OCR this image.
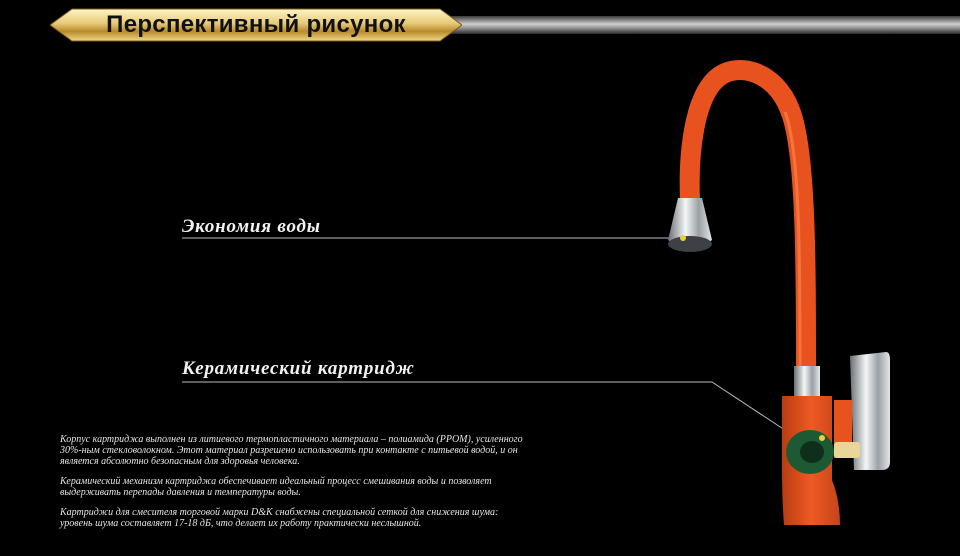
Перспективный рисунок
Экономия воды
Керамический картридж
Корпус картриджа выполнен из литиевого термопластичного материала – полиамида (PPOM), усиленного 30%-ным стекловолокном. Этот материал разрешено использовать при контакте с питьевой водой, и он является абсолютно безопасным для здоровья человека.
Керамический механизм картриджа обеспечивает идеальный процесс смешивания воды и позволяет выдерживать перепады давления и температуры воды.
Картриджи для смесителя торговой марки D&K снабжены специальной сеткой для снижения шума: уровень шума составляет 17-18 дБ, что делает их работу практически неслышной.
